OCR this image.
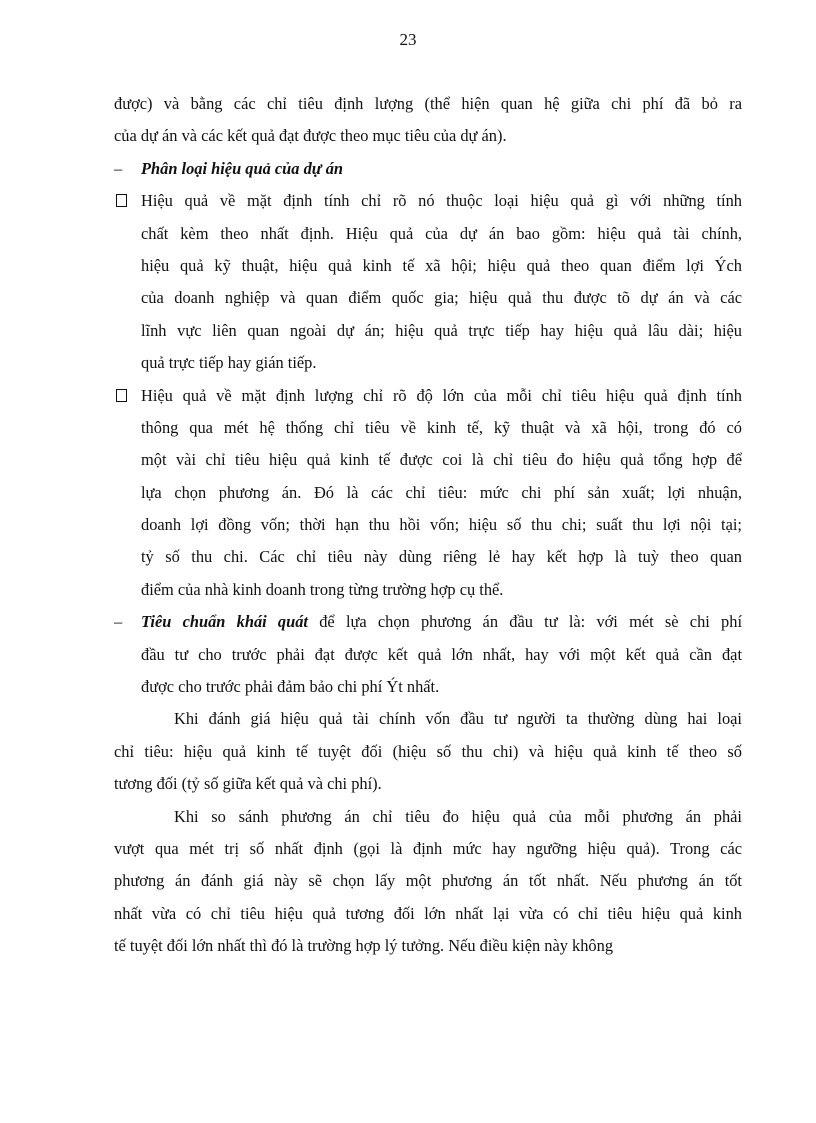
23
được) và bằng các chỉ tiêu định lượng (thể hiện quan hệ giữa chi phí đã bỏ ra
của dự án và các kết quả đạt được theo mục tiêu của dự án).
–	Phân loại hiệu quả của dự án
Hiệu quả về mặt định tính chỉ rõ nó thuộc loại hiệu quả gì với những tính
chất kèm theo nhất định. Hiệu quả của dự án bao gồm: hiệu quả tài chính,
hiệu quả kỹ thuật, hiệu quả kinh tế xã hội; hiệu quả theo quan điểm lợi Ých
của doanh nghiệp và quan điểm quốc gia; hiệu quả thu được tõ dự án và các
lĩnh vực liên quan ngoài dự án; hiệu quả trực tiếp hay hiệu quả lâu dài; hiệu
quả trực tiếp hay gián tiếp.
Hiệu quả về mặt định lượng chỉ rõ độ lớn của mỗi chỉ tiêu hiệu quả định tính
thông qua mét hệ thống chỉ tiêu về kinh tế, kỹ thuật và xã hội, trong đó có
một vài chỉ tiêu hiệu quả kinh tế được coi là chỉ tiêu đo hiệu quả tổng hợp để
lựa chọn phương án. Đó là các chỉ tiêu: mức chi phí sản xuất; lợi nhuận,
doanh lợi đồng vốn; thời hạn thu hồi vốn; hiệu số thu chi; suất thu lợi nội tại;
tỷ số thu chi. Các chỉ tiêu này dùng riêng lẻ hay kết hợp là tuỳ theo quan
điểm của nhà kinh doanh trong từng trường hợp cụ thể.
– Tiêu chuẩn khái quát để lựa chọn phương án đầu tư là: với mét sè chi phí
đầu tư cho trước phải đạt được kết quả lớn nhất, hay với một kết quả cần đạt
được cho trước phải đảm bảo chi phí Ýt nhất.
Khi đánh giá hiệu quả tài chính vốn đầu tư người ta thường dùng hai loại
chỉ tiêu: hiệu quả kinh tế tuyệt đối (hiệu số thu chi) và hiệu quả kinh tế theo số
tương đối (tỷ số giữa kết quả và chi phí).
Khi so sánh phương án chỉ tiêu đo hiệu quả của mỗi phương án phải
vượt qua mét trị số nhất định (gọi là định mức hay ngưỡng hiệu quả). Trong các
phương án đánh giá này sẽ chọn lấy một phương án tốt nhất. Nếu phương án tốt
nhất vừa có chỉ tiêu hiệu quả tương đối lớn nhất lại vừa có chỉ tiêu hiệu quả kinh
tế tuyệt đối lớn nhất thì đó là trường hợp lý tưởng. Nếu điều kiện này không
